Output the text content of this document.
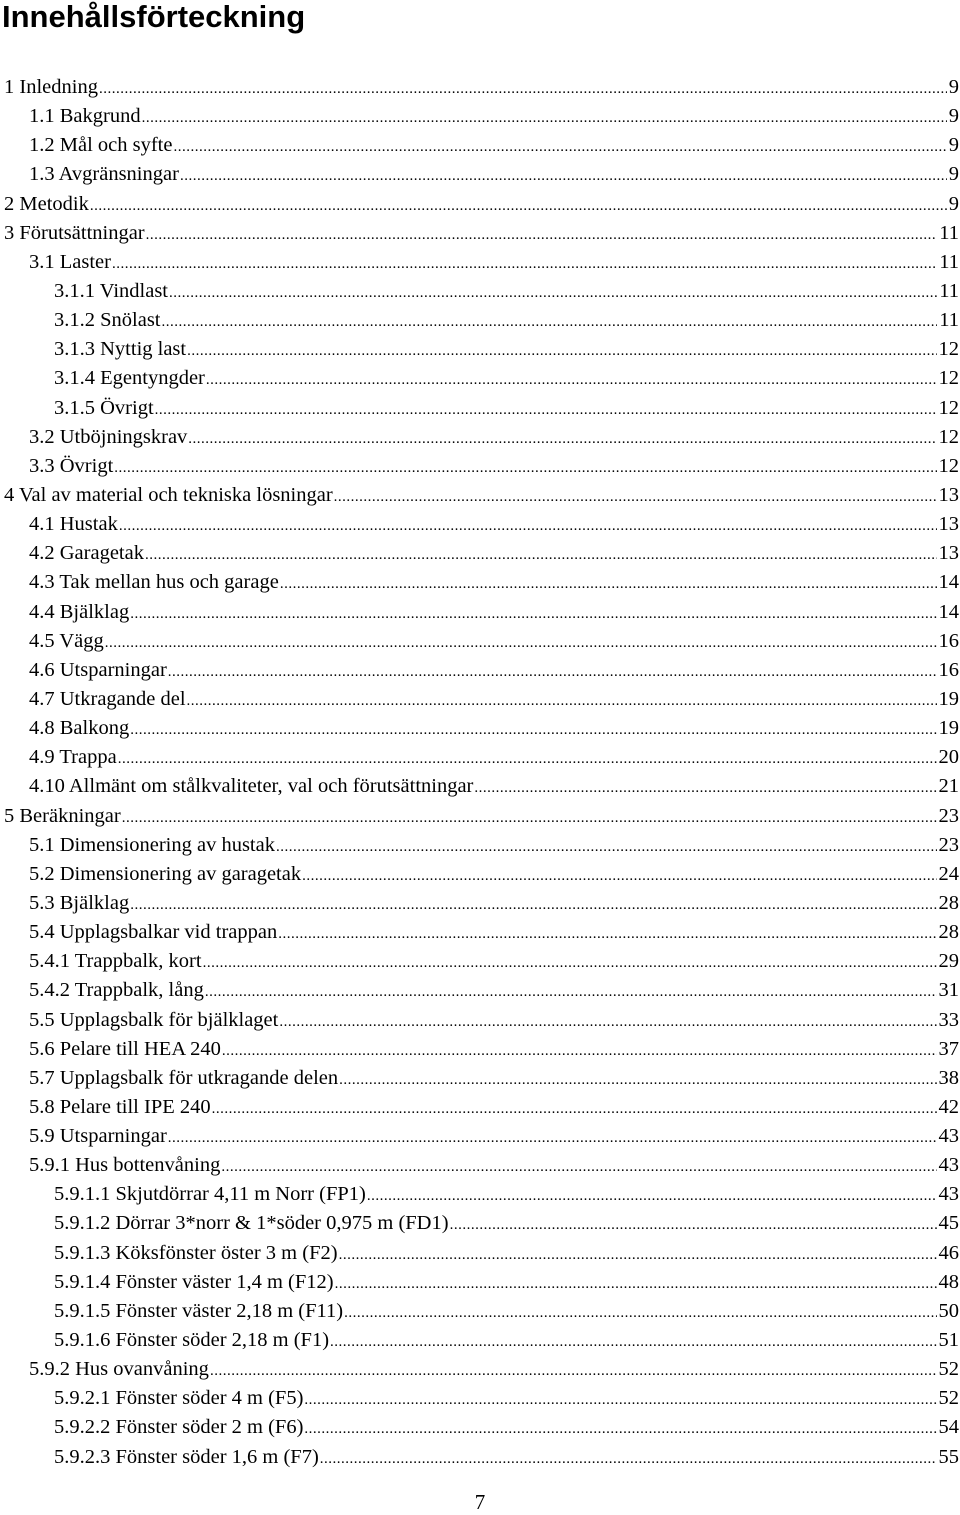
Innehållsförteckning
1 Inledning .....	9
1.1 Bakgrund .....	9
1.2 Mål och syfte .....	9
1.3 Avgränsningar .....	9
2 Metodik .....	9
3 Förutsättningar .....	11
3.1 Laster .....	11
3.1.1 Vindlast .....	11
3.1.2 Snölast .....	11
3.1.3 Nyttig last .....	12
3.1.4 Egentyngder .....	12
3.1.5 Övrigt .....	12
3.2 Utböjningskrav .....	12
3.3 Övrigt .....	12
4 Val av material och tekniska lösningar .....	13
4.1 Hustak .....	13
4.2 Garagetak .....	13
4.3 Tak mellan hus och garage .....	14
4.4 Bjälklag .....	14
4.5 Vägg .....	16
4.6 Utsparningar .....	16
4.7 Utkragande del .....	19
4.8 Balkong .....	19
4.9 Trappa .....	20
4.10 Allmänt om stålkvaliteter, val och förutsättningar .....	21
5 Beräkningar .....	23
5.1 Dimensionering av hustak .....	23
5.2 Dimensionering av garagetak .....	24
5.3 Bjälklag .....	28
5.4 Upplagsbalkar vid trappan .....	28
5.4.1 Trappbalk, kort .....	29
5.4.2 Trappbalk, lång .....	31
5.5 Upplagsbalk för bjälklaget .....	33
5.6 Pelare till HEA 240 .....	37
5.7 Upplagsbalk för utkragande delen .....	38
5.8 Pelare till IPE 240 .....	42
5.9 Utsparningar .....	43
5.9.1 Hus bottenvåning .....	43
5.9.1.1 Skjutdörrar 4,11 m Norr (FP1) .....	43
5.9.1.2 Dörrar 3*norr & 1*söder 0,975 m (FD1) .....	45
5.9.1.3 Köksfönster öster 3 m (F2) .....	46
5.9.1.4 Fönster väster 1,4 m (F12) .....	48
5.9.1.5 Fönster väster 2,18 m (F11) .....	50
5.9.1.6 Fönster söder 2,18 m (F1) .....	51
5.9.2 Hus ovanvåning .....	52
5.9.2.1 Fönster söder 4 m (F5) .....	52
5.9.2.2 Fönster söder 2 m (F6) .....	54
5.9.2.3 Fönster söder 1,6 m (F7) .....	55
7
